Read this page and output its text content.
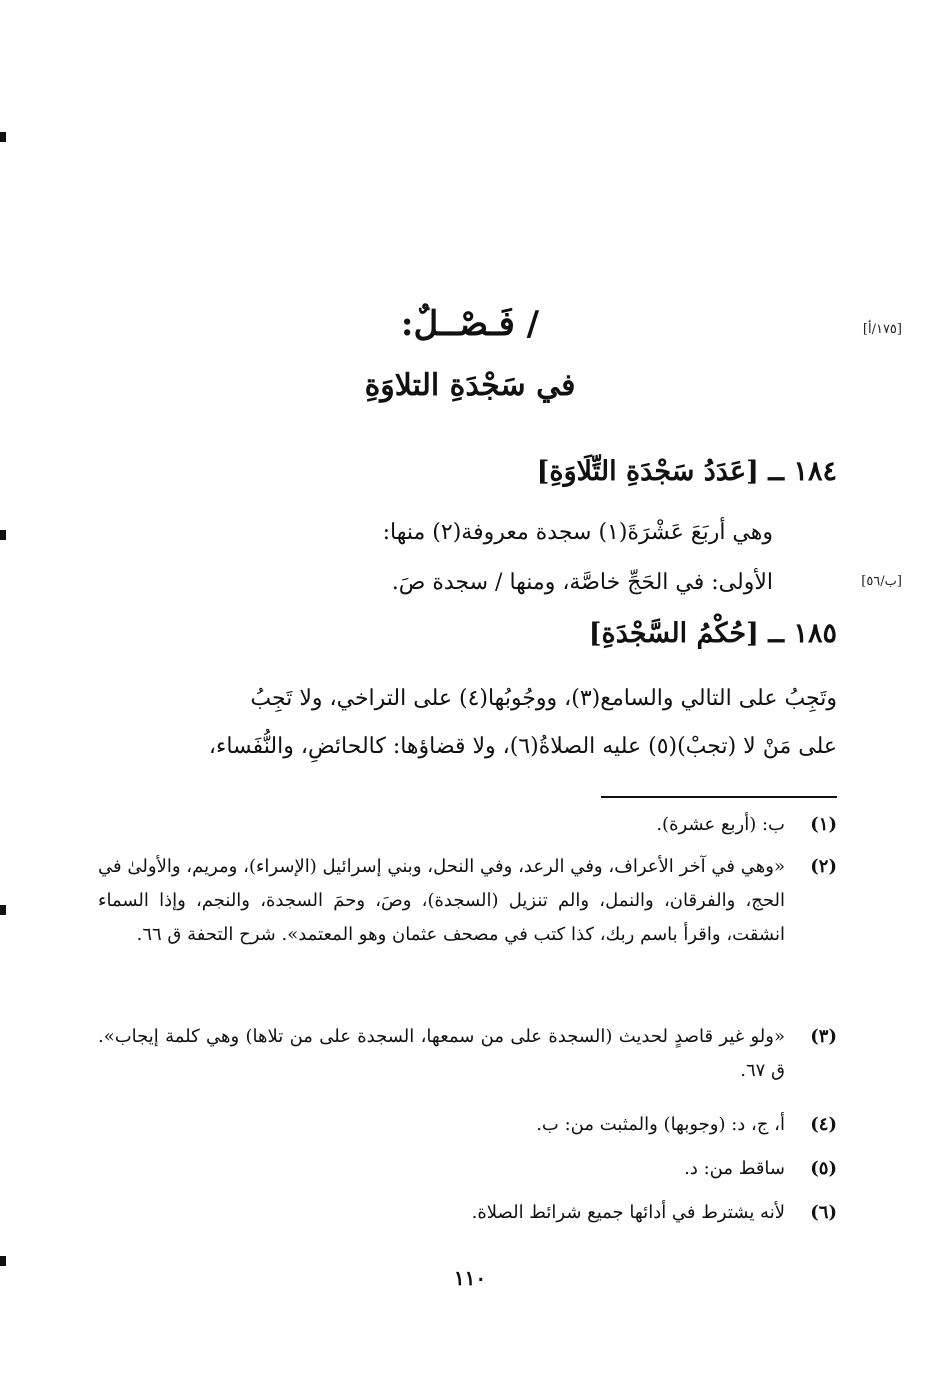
[١٧٥/أ]
[ب/٥٦]
/ فَـصْــلٌ:
في سَجْدَةِ التلاوَةِ
١٨٤ ــ [عَدَدُ سَجْدَةِ التِّلَاوَةِ]
وهي أربَعَ عَشْرَةَ(١) سجدة معروفة(٢) منها:
الأولى: في الحَجِّ خاصَّة، ومنها / سجدة صَ.
١٨٥ ــ [حُكْمُ السَّجْدَةِ]
وتَجِبُ على التالي والسامع(٣)، ووجُوبُها(٤) على التراخي، ولا تَجِبُ
على مَنْ لا (تجبْ)(٥) عليه الصلاةُ(٦)، ولا قضاؤها: كالحائضِ، والنُّفَساء،
(١)
ب: (أربع عشرة).
(٢)
«وهي في آخر الأعراف، وفي الرعد، وفي النحل، وبني إسرائيل (الإسراء)، ومريم، والأولىٰ في الحج، والفرقان، والنمل، والم تنزيل (السجدة)، وصَ، وحمَ السجدة، والنجم، وإذا السماء انشقت، واقرأ باسم ربك، كذا كتب في مصحف عثمان وهو المعتمد». شرح التحفة ق ٦٦.
(٣)
«ولو غير قاصدٍ لحديث (السجدة على من سمعها، السجدة على من تلاها) وهي كلمة إيجاب». ق ٦٧.
(٤)
أ، ج، د: (وجوبها) والمثبت من: ب.
(٥)
ساقط من: د.
(٦)
لأنه يشترط في أدائها جميع شرائط الصلاة.
١١٠
